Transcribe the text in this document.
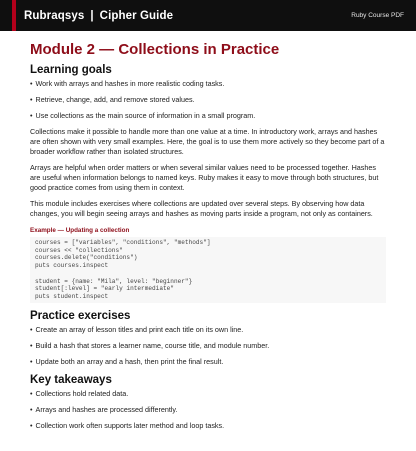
Rubraqsys | Cipher Guide	Ruby Course PDF
Module 2 — Collections in Practice
Learning goals
• Work with arrays and hashes in more realistic coding tasks.
• Retrieve, change, add, and remove stored values.
• Use collections as the main source of information in a small program.

Collections make it possible to handle more than one value at a time. In introductory work, arrays and hashes are often shown with very small examples. Here, the goal is to use them more actively so they become part of a broader workflow rather than isolated structures.

Arrays are helpful when order matters or when several similar values need to be processed together. Hashes are useful when information belongs to named keys. Ruby makes it easy to move through both structures, but good practice comes from using them in context.

This module includes exercises where collections are updated over several steps. By observing how data changes, you will begin seeing arrays and hashes as moving parts inside a program, not only as containers.

Example — Updating a collection
courses = ["variables", "conditions", "methods"]
courses << "collections"
courses.delete("conditions")
puts courses.inspect
student = {name: "Mila", level: "beginner"}
student[:level] = "early intermediate"
puts student.inspect
Practice exercises
• Create an array of lesson titles and print each title on its own line.
• Build a hash that stores a learner name, course title, and module number.
• Update both an array and a hash, then print the final result.
Key takeaways
• Collections hold related data.
• Arrays and hashes are processed differently.
• Collection work often supports later method and loop tasks.
